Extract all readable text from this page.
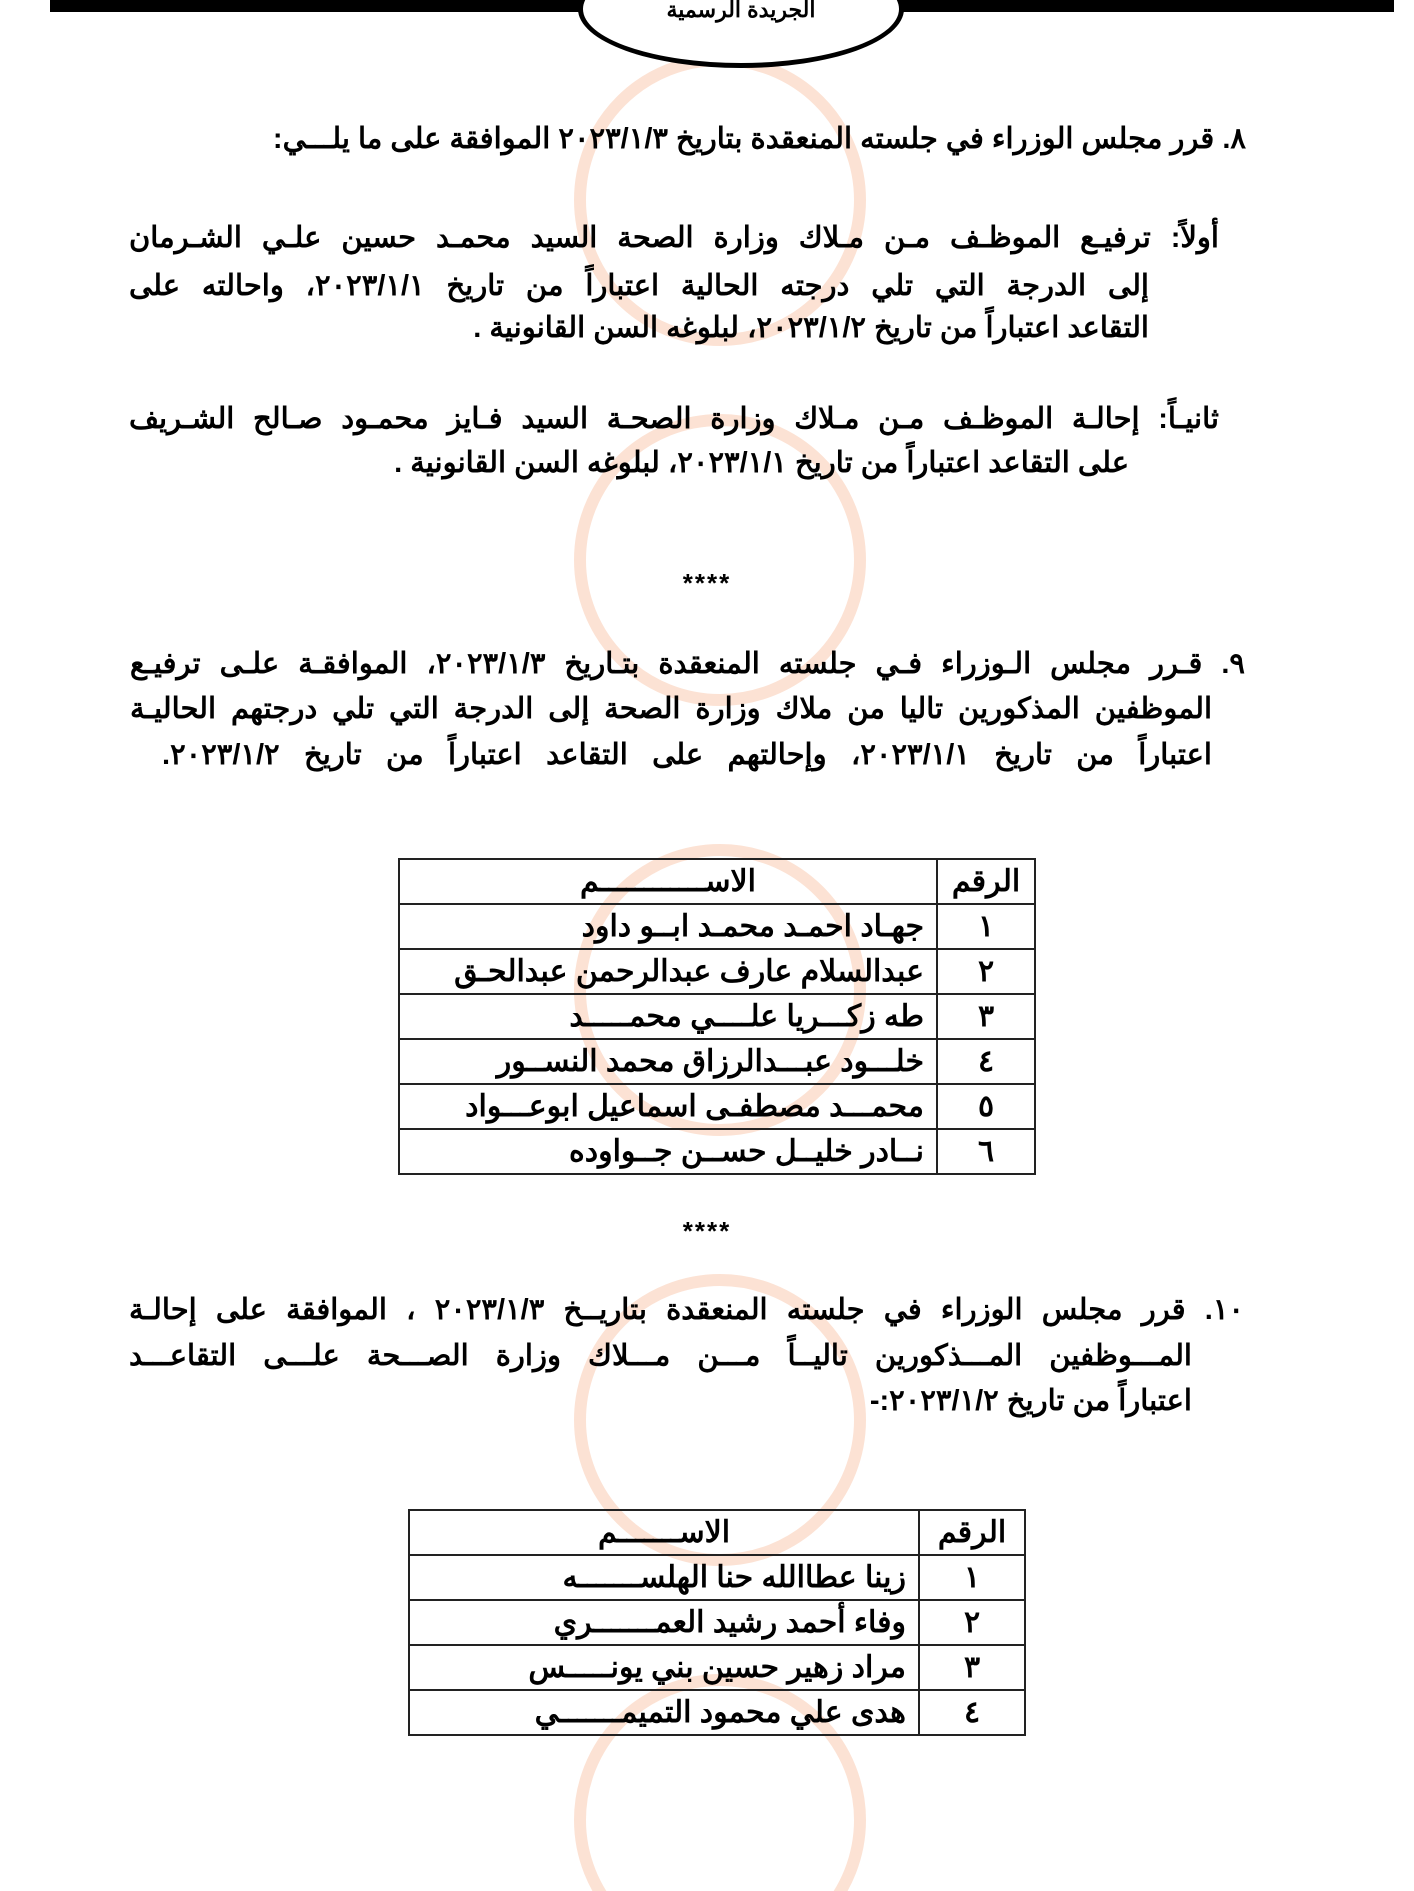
الجريدة الرسمية
٨. قرر مجلس الوزراء في جلسته المنعقدة بتاريخ ٢٠٢٣/١/٣ الموافقة على ما يلـــي:
أولاً: ترفيـع الموظـف مـن مـلاك وزارة الصحة السيد محمـد حسين علـي الشـرمان
إلى الدرجة التي تلي درجته الحالية اعتباراً من تاريخ ٢٠٢٣/١/١، واحالته على
التقاعد اعتباراً من تاريخ ٢٠٢٣/١/٢، لبلوغه السن القانونية .
ثانيـاً: إحالـة الموظـف مـن مـلاك وزارة الصحـة السيد فـايز محمـود صـالح الشـريف
على التقاعد اعتباراً من تاريخ ٢٠٢٣/١/١، لبلوغه السن القانونية .
****
٩. قـرر مجلس الـوزراء فـي جلسته المنعقدة بتـاريخ ٢٠٢٣/١/٣، الموافقـة علـى ترفيـع
الموظفين المذكورين تاليا من ملاك وزارة الصحة إلى الدرجة التي تلي درجتهم الحاليـة
اعتباراً من تاريخ ٢٠٢٣/١/١، وإحالتهم على التقاعد اعتباراً من تاريخ ٢٠٢٣/١/٢.
الرقم	الاســــــــــــم
١	جهـاد احمـد محمـد ابــو داود
٢	عبدالسلام عارف عبدالرحمن عبدالحـق
٣	طه زكـــريا علــــي محمـــــد
٤	خلـــود عبـــدالرزاق محمد النســور
٥	محمـــد مصطفـى اسماعيل ابوعـــواد
٦	نــادر خليــل حســن جــواوده
****
١٠. قرر مجلس الوزراء في جلسته المنعقدة بتاريــخ ٢٠٢٣/١/٣ ، الموافقة على إحالـة
المـــوظفين المـــذكورين تاليــاً مـــن مـــلاك وزارة الصـــحة علـــى التقاعـــد
اعتباراً من تاريخ ٢٠٢٣/١/٢:-
الرقم	الاســـــــم
١	زينا عطاالله حنا الهلســـــــه
٢	وفاء أحمد رشيد العمـــــــري
٣	مراد زهير حسين بني يونـــــس
٤	هدى علي محمود التميمـــــــي
